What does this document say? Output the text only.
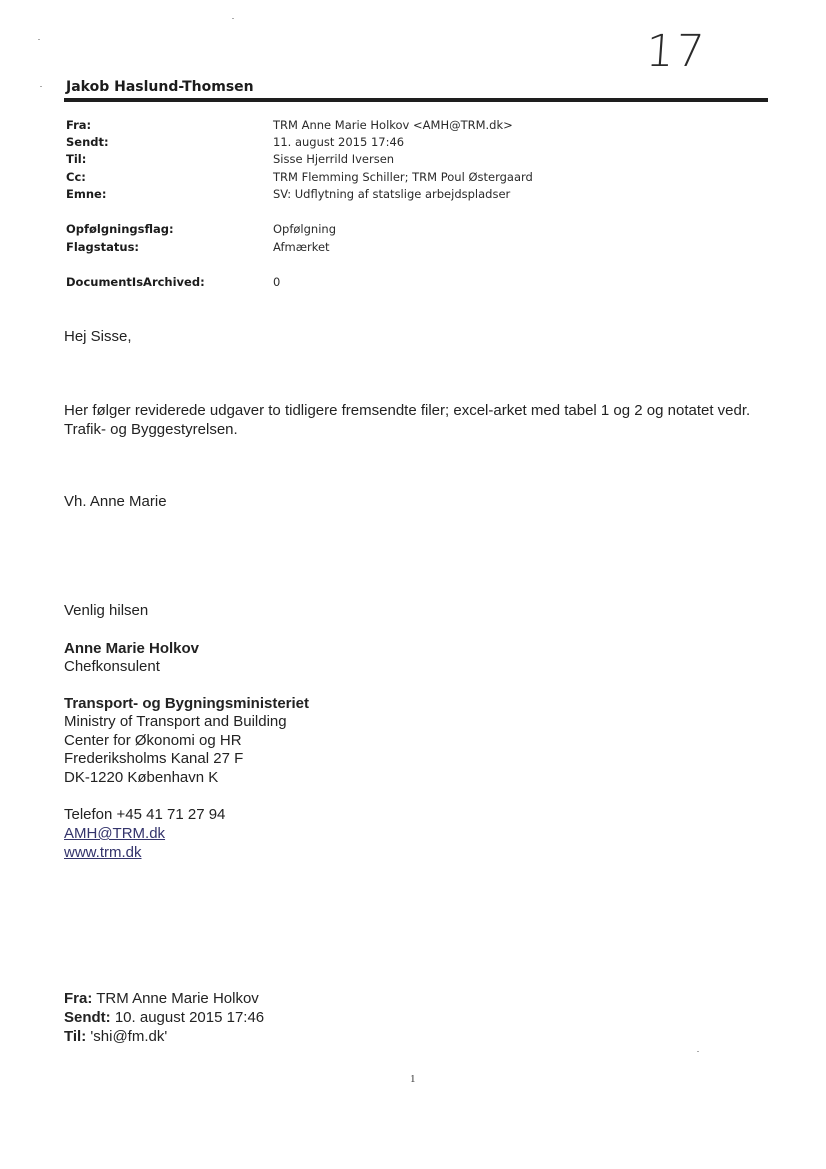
17
Jakob Haslund-Thomsen
Fra:	TRM Anne Marie Holkov <AMH@TRM.dk>
Sendt:	11. august 2015 17:46
Til:	Sisse Hjerrild Iversen
Cc:	TRM Flemming Schiller; TRM Poul Østergaard
Emne:	SV: Udflytning af statslige arbejdspladser
Opfølgningsflag:	Opfølgning
Flagstatus:	Afmærket
DocumentIsArchived:	0
Hej Sisse,
Her følger reviderede udgaver to tidligere fremsendte filer; excel-arket med tabel 1 og 2 og notatet vedr. Trafik- og Byggestyrelsen.
Vh. Anne Marie
Venlig hilsen
Anne Marie Holkov
Chefkonsulent
Transport- og Bygningsministeriet
Ministry of Transport and Building
Center for Økonomi og HR
Frederiksholms Kanal 27 F
DK-1220 København K
Telefon +45 41 71 27 94
AMH@TRM.dk
www.trm.dk
Fra: TRM Anne Marie Holkov
Sendt: 10. august 2015 17:46
Til: 'shi@fm.dk'
1
